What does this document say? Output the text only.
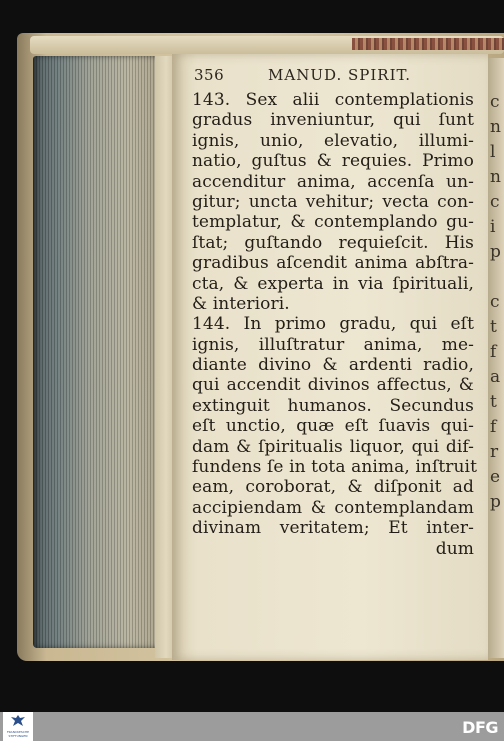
c
n
l
n
c
i
p
c
t
f
a
t
f
r
e
p
356	MANUD. SPIRIT.
143. Sex alii contemplationis
gradus inveniuntur, qui ſunt
ignis, unio, elevatio, illumi-
natio, guſtus & requies. Primo
accenditur anima, accenſa un-
gitur; uncta vehitur; vecta con-
templatur, & contemplando gu-
ſtat; guſtando requieſcit. His
gradibus aſcendit anima abſtra-
cta, & experta in via ſpirituali,
& interiori.
144. In primo gradu, qui eſt
ignis, illuſtratur anima, me-
diante divino & ardenti radio,
qui accendit divinos affectus, &
extinguit humanos. Secundus
eſt unctio, quæ eſt ſuavis qui-
dam & ſpiritualis liquor, qui dif-
fundens ſe in tota anima, inſtruit
eam, coroborat, & diſponit ad
accipiendam & contemplandam
divinam veritatem; Et inter-
dum
FRANCKESCHE STIFTUNGEN	DFG
